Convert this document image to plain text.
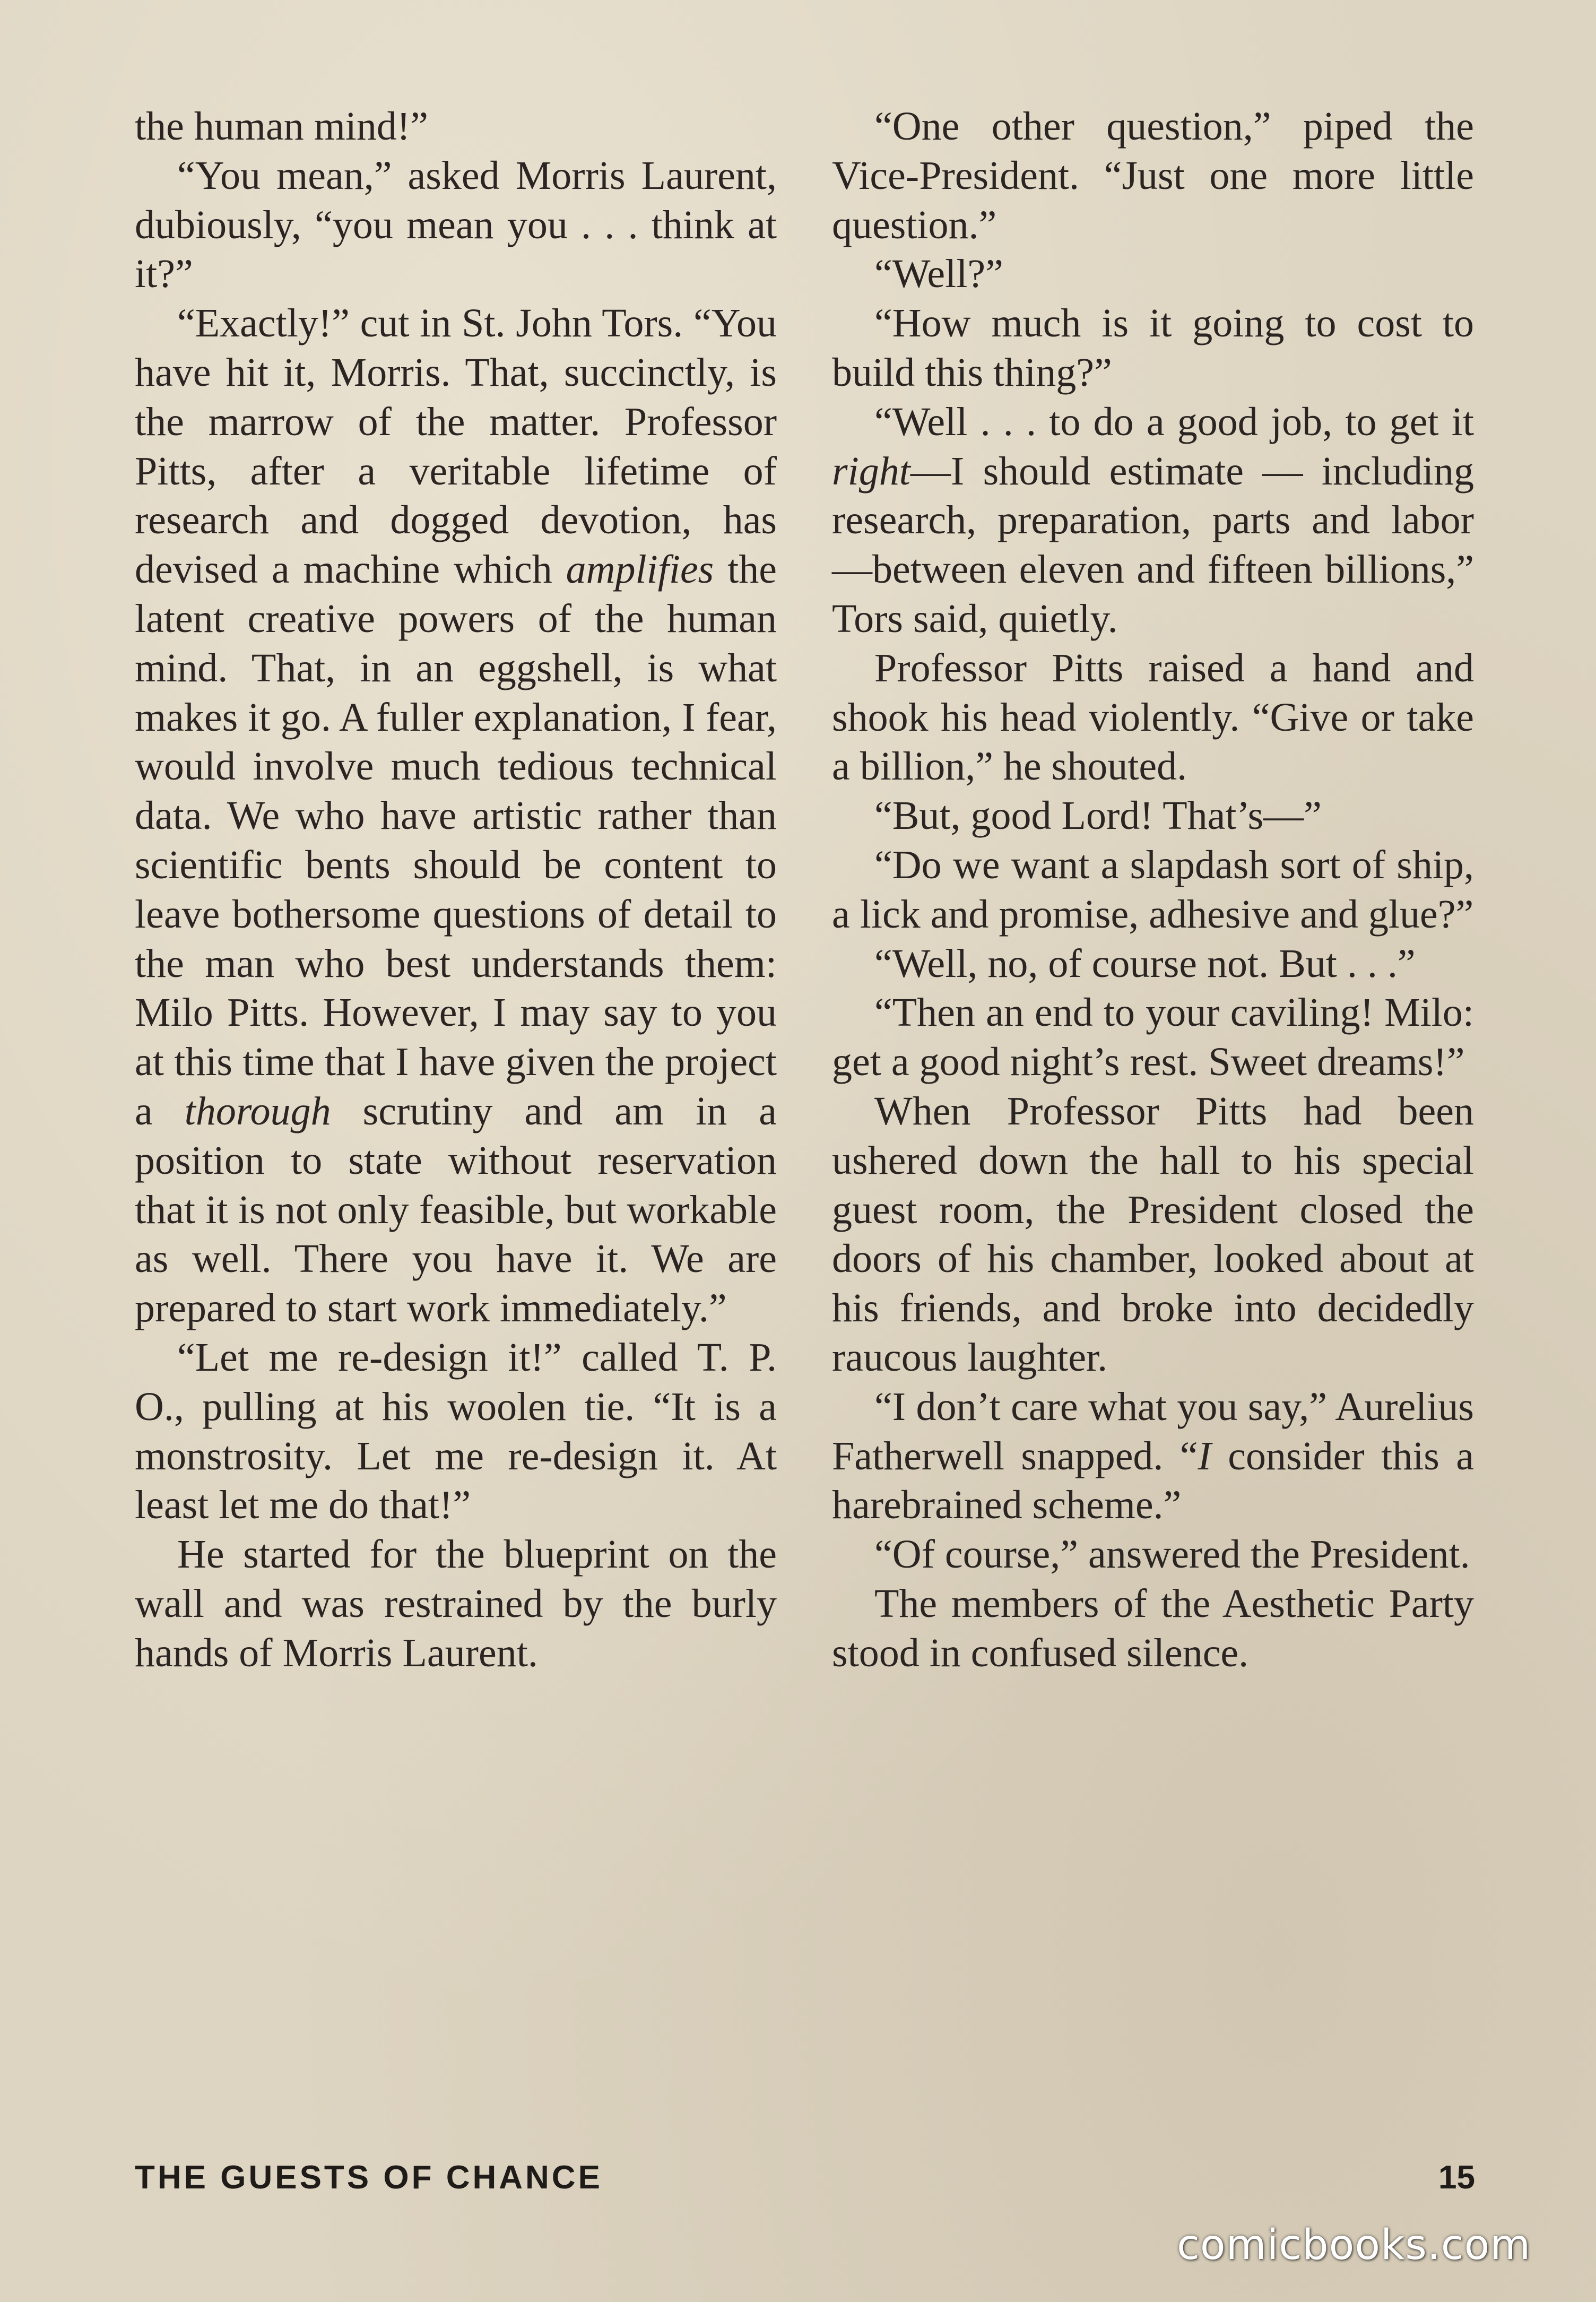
the human mind!”

“You mean,” asked Morris Laurent, dubiously, “you mean you . . . think at it?”

“Exactly!” cut in St. John Tors. “You have hit it, Morris. That, succinctly, is the marrow of the matter. Professor Pitts, after a veritable lifetime of research and dogged devotion, has devised a machine which amplifies the latent creative powers of the human mind. That, in an eggshell, is what makes it go. A fuller explanation, I fear, would involve much tedious technical data. We who have artistic rather than scientific bents should be content to leave bothersome questions of detail to the man who best understands them: Milo Pitts. However, I may say to you at this time that I have given the project a thorough scrutiny and am in a position to state without reservation that it is not only feasible, but workable as well. There you have it. We are prepared to start work immediately.”

“Let me re-design it!” called T. P. O., pulling at his woolen tie. “It is a monstrosity. Let me re-design it. At least let me do that!”

He started for the blueprint on the wall and was restrained by the burly hands of Morris Laurent.

“One other question,” piped the Vice-President. “Just one more little question.”

“Well?”

“How much is it going to cost to build this thing?”

“Well . . . to do a good job, to get it right—I should estimate — including research, preparation, parts and labor —between eleven and fifteen billions,” Tors said, quietly.

Professor Pitts raised a hand and shook his head violently. “Give or take a billion,” he shouted.

“But, good Lord! That’s—”

“Do we want a slapdash sort of ship, a lick and promise, adhesive and glue?”

“Well, no, of course not. But . . .”

“Then an end to your caviling! Milo: get a good night’s rest. Sweet dreams!”

When Professor Pitts had been ushered down the hall to his special guest room, the President closed the doors of his chamber, looked about at his friends, and broke into decidedly raucous laughter.

“I don’t care what you say,” Aurelius Fatherwell snapped. “I consider this a harebrained scheme.”

“Of course,” answered the President.

The members of the Aesthetic Party stood in confused silence.

THE GUESTS OF CHANCE	15
comicbooks.com
